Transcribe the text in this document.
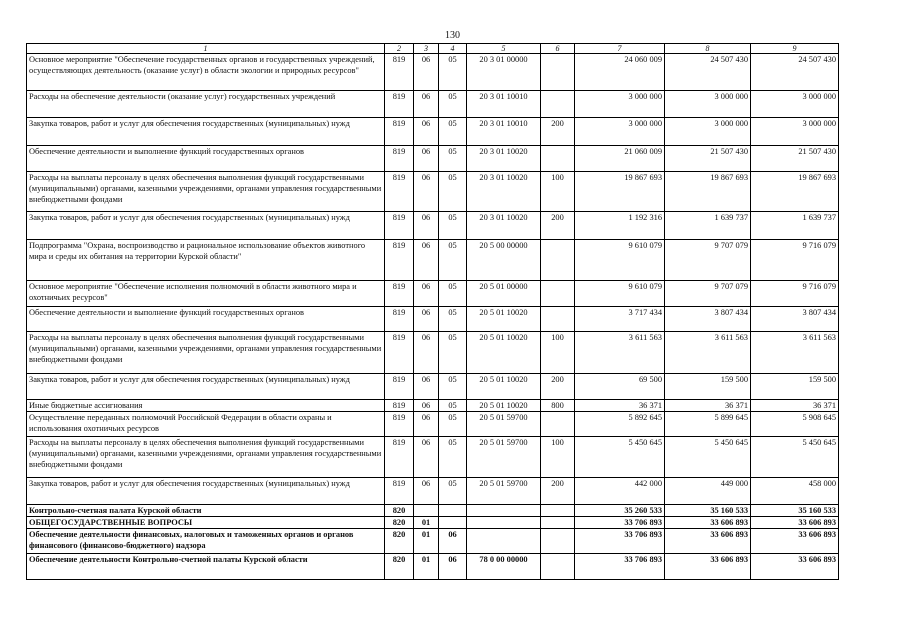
130
1	2	3	4	5	6	7	8	9
Основное мероприятие "Обеспечение государственных органов и государственных учреждений, осуществляющих деятельность (оказание услуг) в области экологии и природных ресурсов"	819	06	05	20 3 01 00000		24 060 009	24 507 430	24 507 430
Расходы на обеспечение деятельности (оказание услуг) государственных учреждений	819	06	05	20 3 01 10010		3 000 000	3 000 000	3 000 000
Закупка товаров, работ и услуг для обеспечения государственных (муниципальных) нужд	819	06	05	20 3 01 10010	200	3 000 000	3 000 000	3 000 000
Обеспечение деятельности и выполнение функций государственных органов	819	06	05	20 3 01 10020		21 060 009	21 507 430	21 507 430
Расходы на выплаты персоналу в целях обеспечения выполнения функций государственными (муниципальными) органами, казенными учреждениями, органами управления государственными внебюджетными фондами	819	06	05	20 3 01 10020	100	19 867 693	19 867 693	19 867 693
Закупка товаров, работ и услуг для обеспечения государственных (муниципальных) нужд	819	06	05	20 3 01 10020	200	1 192 316	1 639 737	1 639 737
Подпрограмма "Охрана, воспроизводство и рациональное использование объектов животного мира и среды их обитания на территории Курской области"	819	06	05	20 5 00 00000		9 610 079	9 707 079	9 716 079
Основное мероприятие "Обеспечение исполнения полномочий в области животного мира и охотничьих ресурсов"	819	06	05	20 5 01 00000		9 610 079	9 707 079	9 716 079
Обеспечение деятельности и выполнение функций государственных органов	819	06	05	20 5 01 10020		3 717 434	3 807 434	3 807 434
Расходы на выплаты персоналу в целях обеспечения выполнения функций государственными (муниципальными) органами, казенными учреждениями, органами управления государственными внебюджетными фондами	819	06	05	20 5 01 10020	100	3 611 563	3 611 563	3 611 563
Закупка товаров, работ и услуг для обеспечения государственных (муниципальных) нужд	819	06	05	20 5 01 10020	200	69 500	159 500	159 500
Иные бюджетные ассигнования	819	06	05	20 5 01 10020	800	36 371	36 371	36 371
Осуществление переданных полномочий Российской Федерации в области охраны и использования охотничьих ресурсов	819	06	05	20 5 01 59700		5 892 645	5 899 645	5 908 645
Расходы на выплаты персоналу в целях обеспечения выполнения функций государственными (муниципальными) органами, казенными учреждениями, органами управления государственными внебюджетными фондами	819	06	05	20 5 01 59700	100	5 450 645	5 450 645	5 450 645
Закупка товаров, работ и услуг для обеспечения государственных (муниципальных) нужд	819	06	05	20 5 01 59700	200	442 000	449 000	458 000
Контрольно-счетная палата Курской области	820					35 260 533	35 160 533	35 160 533
ОБЩЕГОСУДАРСТВЕННЫЕ ВОПРОСЫ	820	01				33 706 893	33 606 893	33 606 893
Обеспечение деятельности финансовых, налоговых и таможенных органов и органов финансового (финансово-бюджетного) надзора	820	01	06			33 706 893	33 606 893	33 606 893
Обеспечение деятельности Контрольно-счетной палаты Курской области	820	01	06	78 0 00 00000		33 706 893	33 606 893	33 606 893
